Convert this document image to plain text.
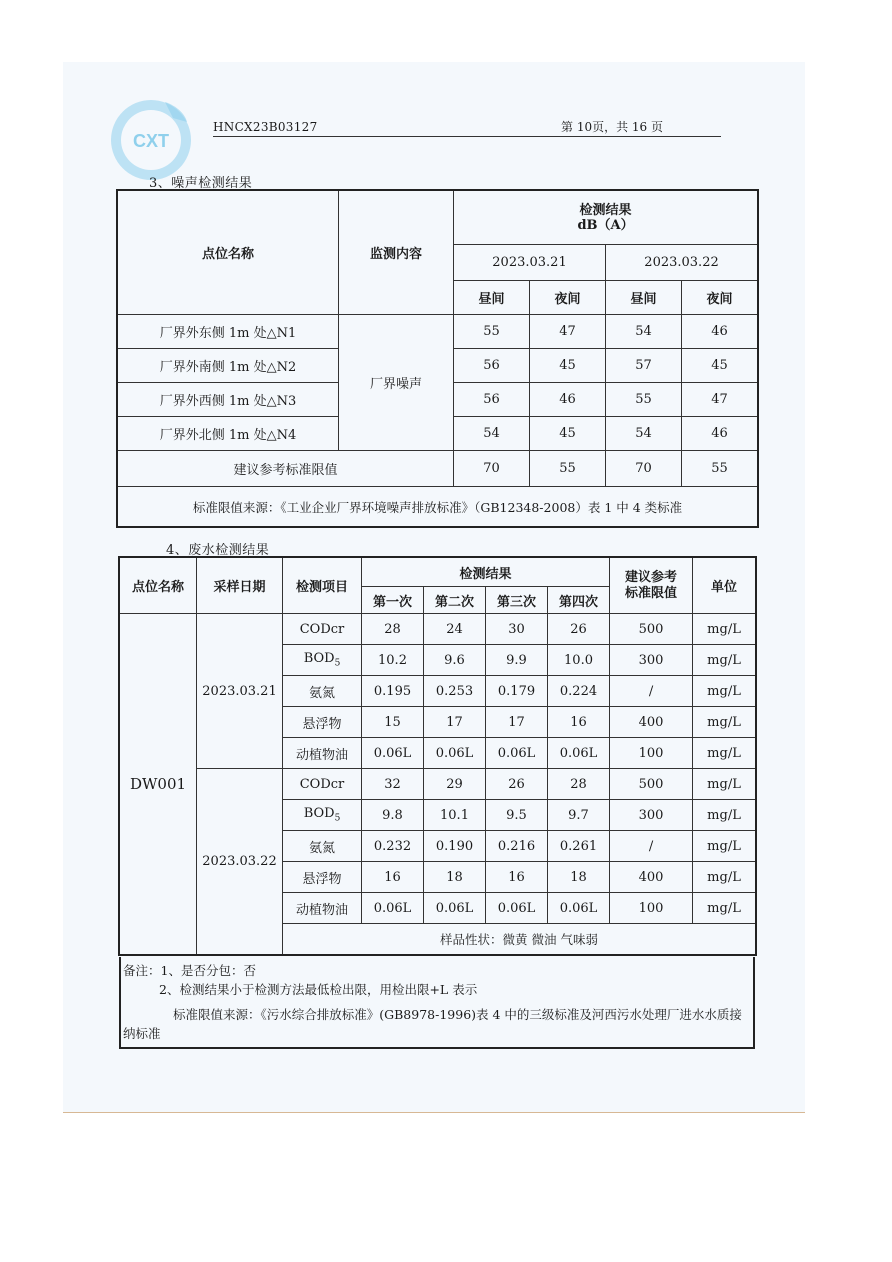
CXT
HNCX23B03127	第 10页，共 16 页
3、噪声检测结果
点位名称	监测内容	检测结果
dB（A）			

		2023.03.21		2023.03.22	
		昼间	夜间	昼间	夜间
厂界外东侧 1m 处△N1	厂界噪声	55	47	54	46
厂界外南侧 1m 处△N2		56	45	57	45
厂界外西侧 1m 处△N3		56	46	55	47
厂界外北侧 1m 处△N4		54	45	54	46
建议参考标准限值		70	55	70	55
标准限值来源：《工业企业厂界环境噪声排放标准》（GB12348-2008）表 1 中 4 类标准					
4、废水检测结果
点位名称	采样日期	检测项目	检测结果				建议参考
标准限值	单位
			第一次	第二次	第三次	第四次		
DW001	2023.03.21	CODcr	28	24	30	26	500	mg/L
		$BOD_5$	10.2	9.6	9.9	10.0	300	mg/L
		氨氮	0.195	0.253	0.179	0.224	/	mg/L
		悬浮物	15	17	17	16	400	mg/L
		动植物油	0.06L	0.06L	0.06L	0.06L	100	mg/L
	2023.03.22	CODcr	32	29	26	28	500	mg/L
		$BOD_5$	9.8	10.1	9.5	9.7	300	mg/L
		氨氮	0.232	0.190	0.216	0.261	/	mg/L
		悬浮物	16	18	16	18	400	mg/L
		动植物油	0.06L	0.06L	0.06L	0.06L	100	mg/L
		样品性状：微黄 微油 气味弱						
备注：1、是否分包：否
2、检测结果小于检测方法最低检出限，用检出限+L 表示
标准限值来源：《污水综合排放标准》(GB8978-1996)表 4 中的三级标准及河西污水处理厂进水水质接纳标准
